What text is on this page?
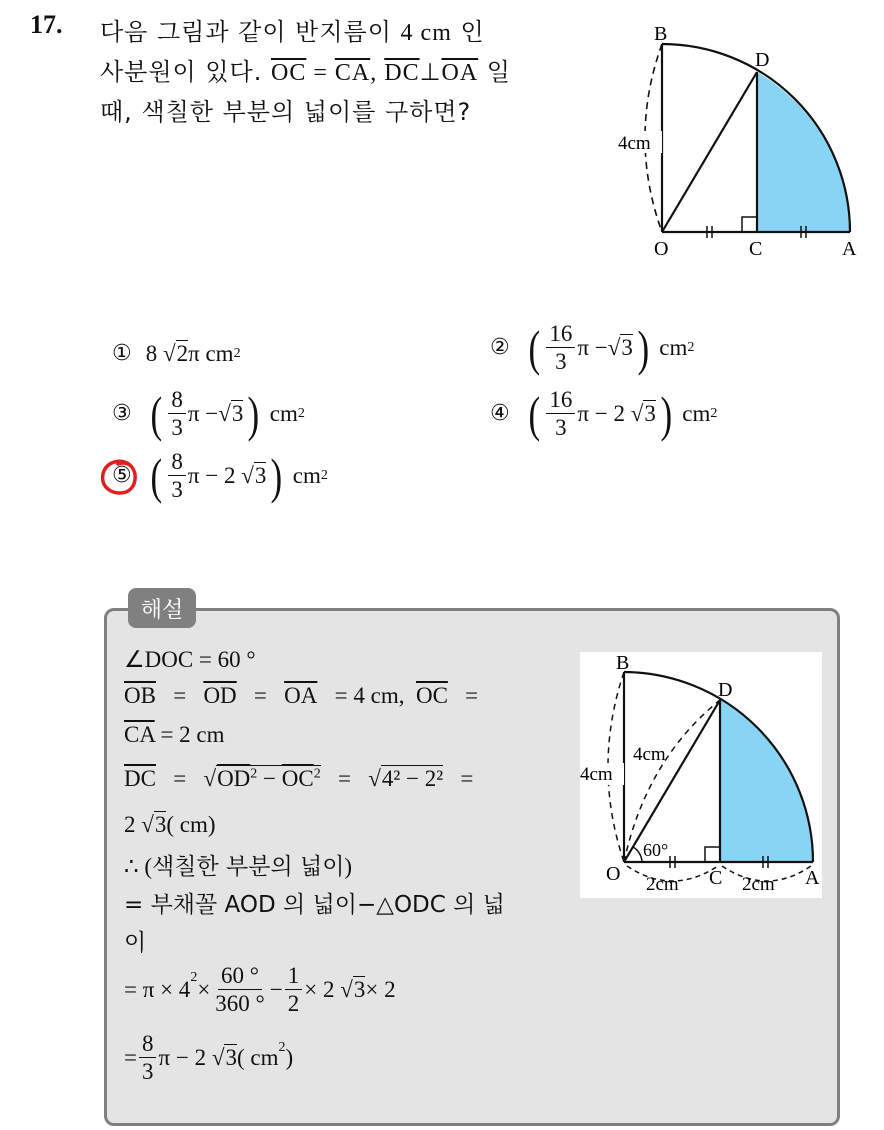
17. 다음 그림과 같이 반지름이 4 cm 인
사분원이 있다. $\overline{OC} = \overline{CA}$, $\overline{DC}\perp\overline{OA}$ 일
때, 색칠한 부분의 넓이를 구하면?
B
D
O	C	A
4cm
① 8 √ 2 π cm 2	② ( $\frac{16}{3}$ π − √ 3 )
cm 2
③ ( $\frac{8}{3}$ π − √ 3 )
cm 2	④ ( $\frac{16}{3}$ π − 2 √ 3 )
cm 2
⑤ ( $\frac{8}{3}$ π − 2 √ 3 )
cm 2
해설
∠DOC = 60 °
$\overline{OB} = \overline{OD} = \overline{OA} = 4$ cm,  $\overline{OC}$   =
$\overline{CA} = 2$ cm
$\overline{DC} = √OD^2 - \overline{OC}^2 = √4^2 - 2^2$   =
2 √3( cm)
∴ (색칠한 부분의 넓이)
= 부채꼴 AOD 의 넓이−△ODC 의 넓
이
= $\pi \times 4^2 \times \frac{60 ^\circ}{360 ^\circ} - \frac{1}{2} \times 2$ √ 3 × 2
= $\frac{8}{3}$ π − 2 √ 3 ( $cm^2$ )
B
D
O	C	A
4cm
4cm
60°
2cm	2cm
